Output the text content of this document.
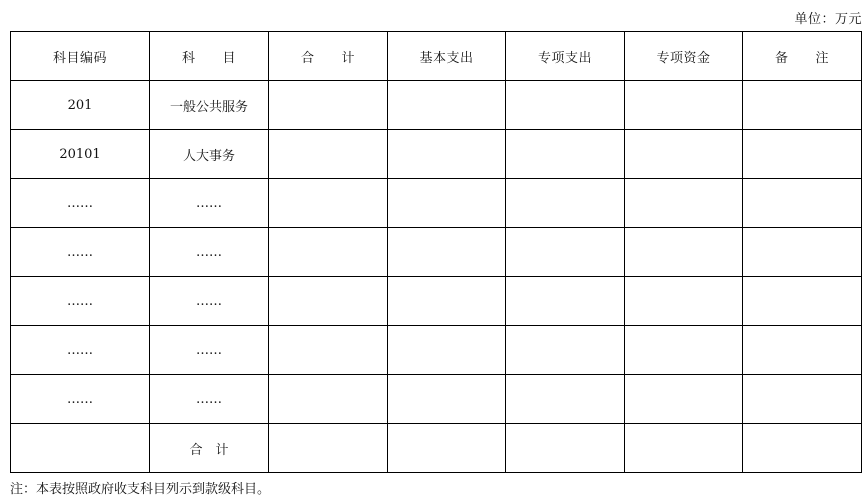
单位：万元
科目编码	科　　目	合　　计	基本支出	专项支出	专项资金	备　　注
201	一般公共服务					
20101	人大事务					
……	……					
……	……					
……	……					
……	……					
……	……					
	合　计					
注：本表按照政府收支科目列示到款级科目。
